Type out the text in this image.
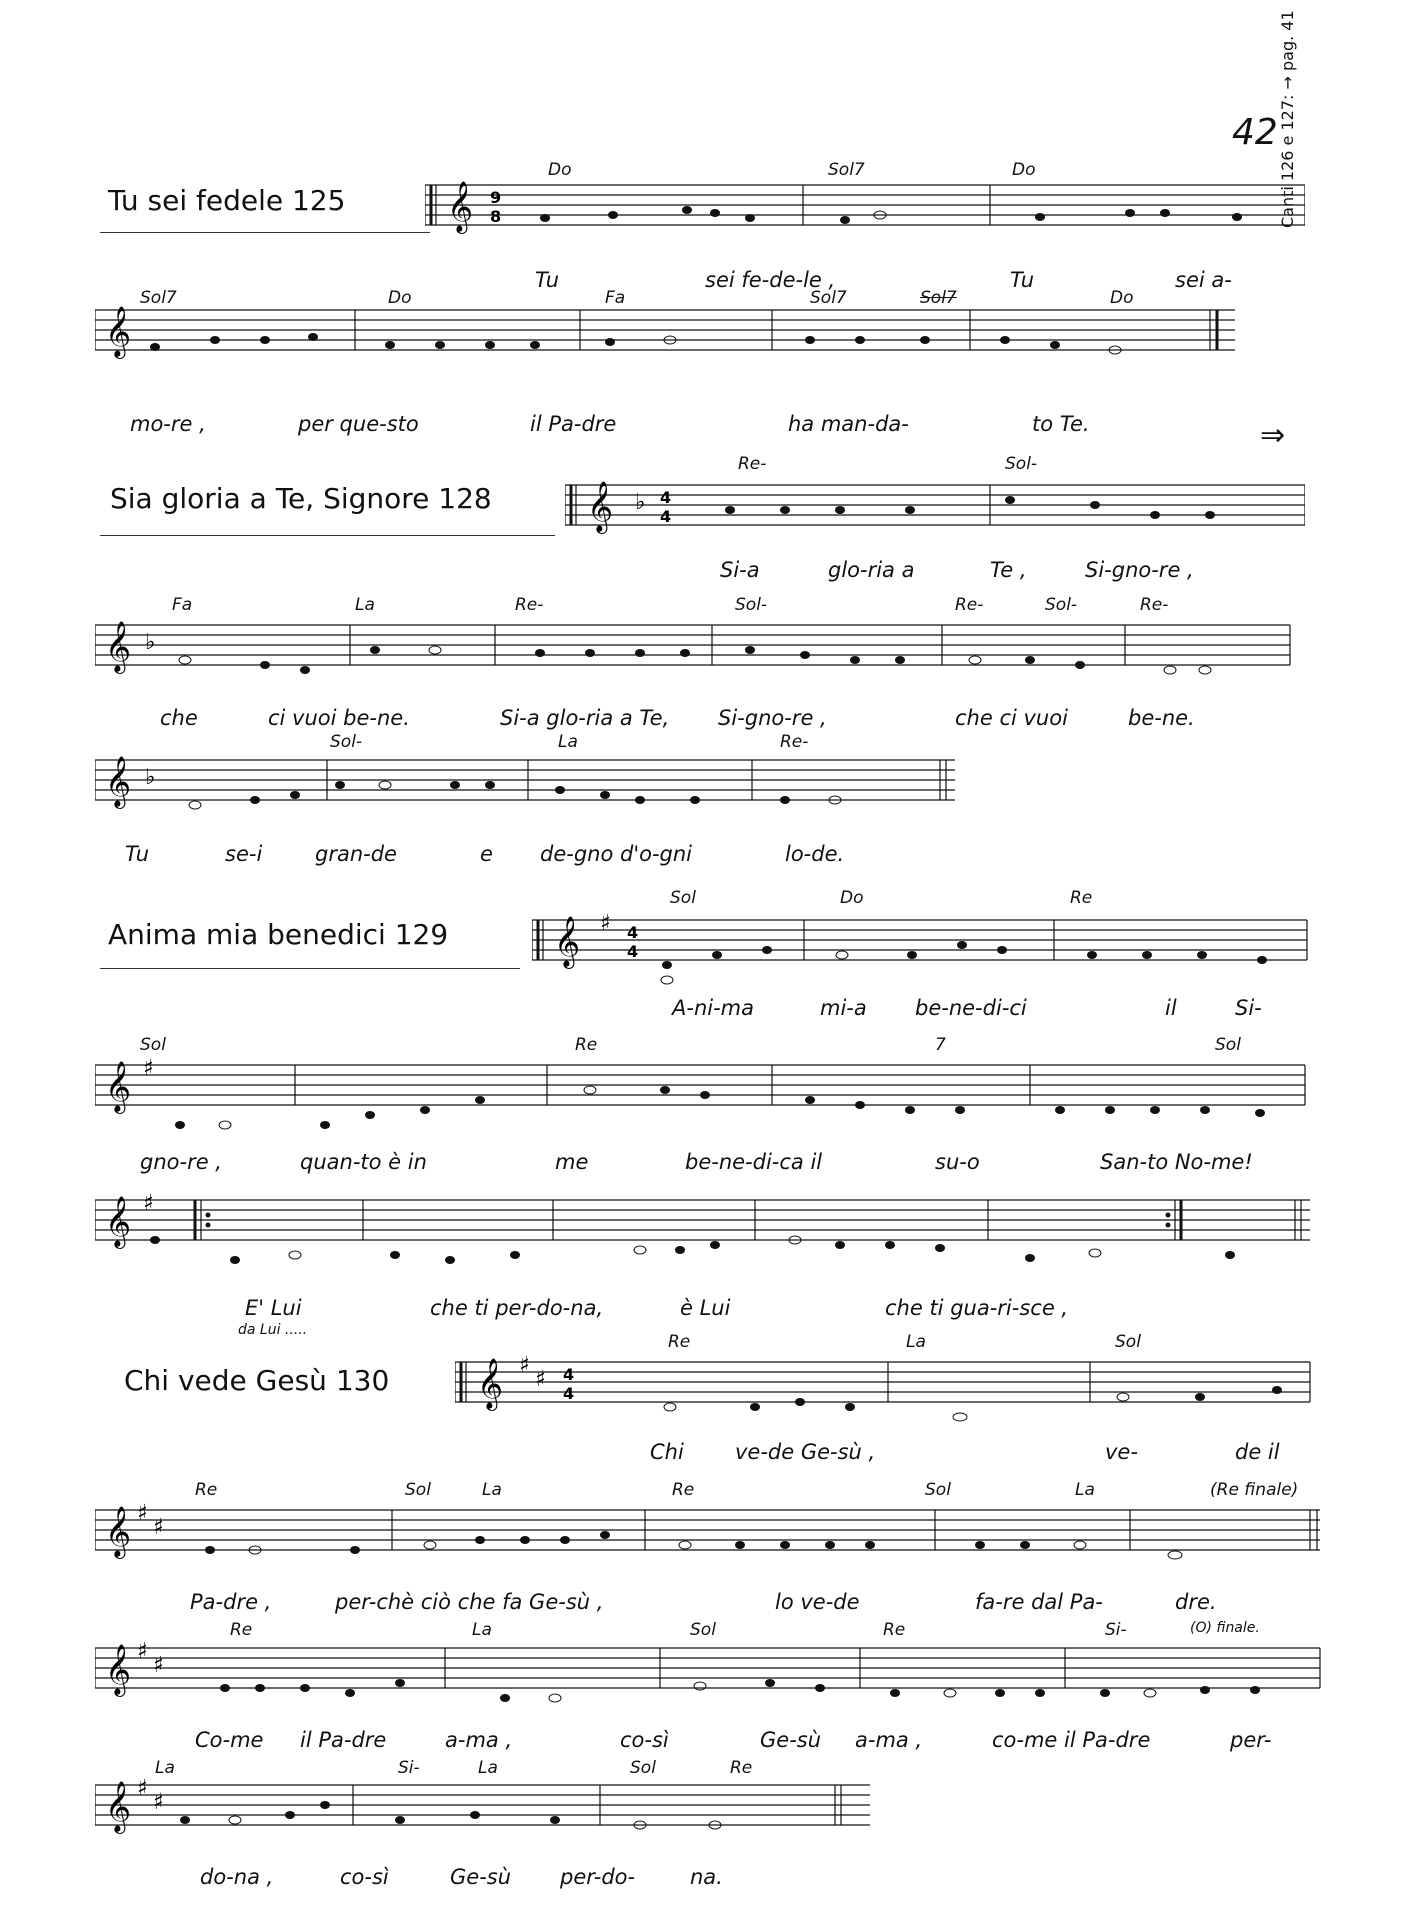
42 Canti 126 e 127: → pag. 41
⇒
Tu sei fedele 125 𝄞 9
8
Do	Sol7	Do
Tu	sei fe-de-le ,	Tu	sei a-
𝄞
Sol7	Do	Fa	Sol7	Sol7	Do
mo-re ,	per que-sto	il Pa-dre	ha man-da-	to Te.
Sia gloria a Te, Signore 128 𝄞 ♭ 4
4
Re-	Sol-
Si-a	glo-ria a	Te ,	Si-gno-re ,
𝄞 ♭
Fa	La	Re-	Sol-	Re-	Sol-	Re-
che	ci vuoi be-ne.	Si-a glo-ria a Te, Si-gno-re ,	che ci vuoi	be-ne.
𝄞 ♭
Sol-	La	Re-
Tu	se-i	gran-de	e de-gno d'o-gni	lo-de.
Anima mia benedici 129 𝄞 ♯ 4
4
Sol	Do	Re
A-ni-ma	mi-a be-ne-di-ci	il	Si-
𝄞 ♯
Sol	Re	7	Sol
gno-re ,	quan-to è in	me	be-ne-di-ca il	su-o	San-to No-me!
𝄞 ♯
E' Lui
da Lui .....
che ti per-do-na,	è Lui	che ti gua-ri-sce ,
Chi vede Gesù 130 𝄞 ♯
♯ 4
4
Re	La	Sol
Chi ve-de Ge-sù ,	ve-	de il
𝄞 ♯
♯
Re	Sol	La	Re	Sol	La	(Re finale)
Pa-dre ,	per-chè ciò che fa Ge-sù ,	lo ve-de	fa-re dal Pa-	dre.
(O) finale.
𝄞 ♯
♯
Re	La	Sol	Re	Si-
Co-me il Pa-dre	a-ma ,	co-sì	Ge-sù a-ma ,	co-me il Pa-dre	per-
𝄞 ♯
♯
La	Si-	La	Sol	Re
do-na ,	co-sì	Ge-sù per-do-	na.
